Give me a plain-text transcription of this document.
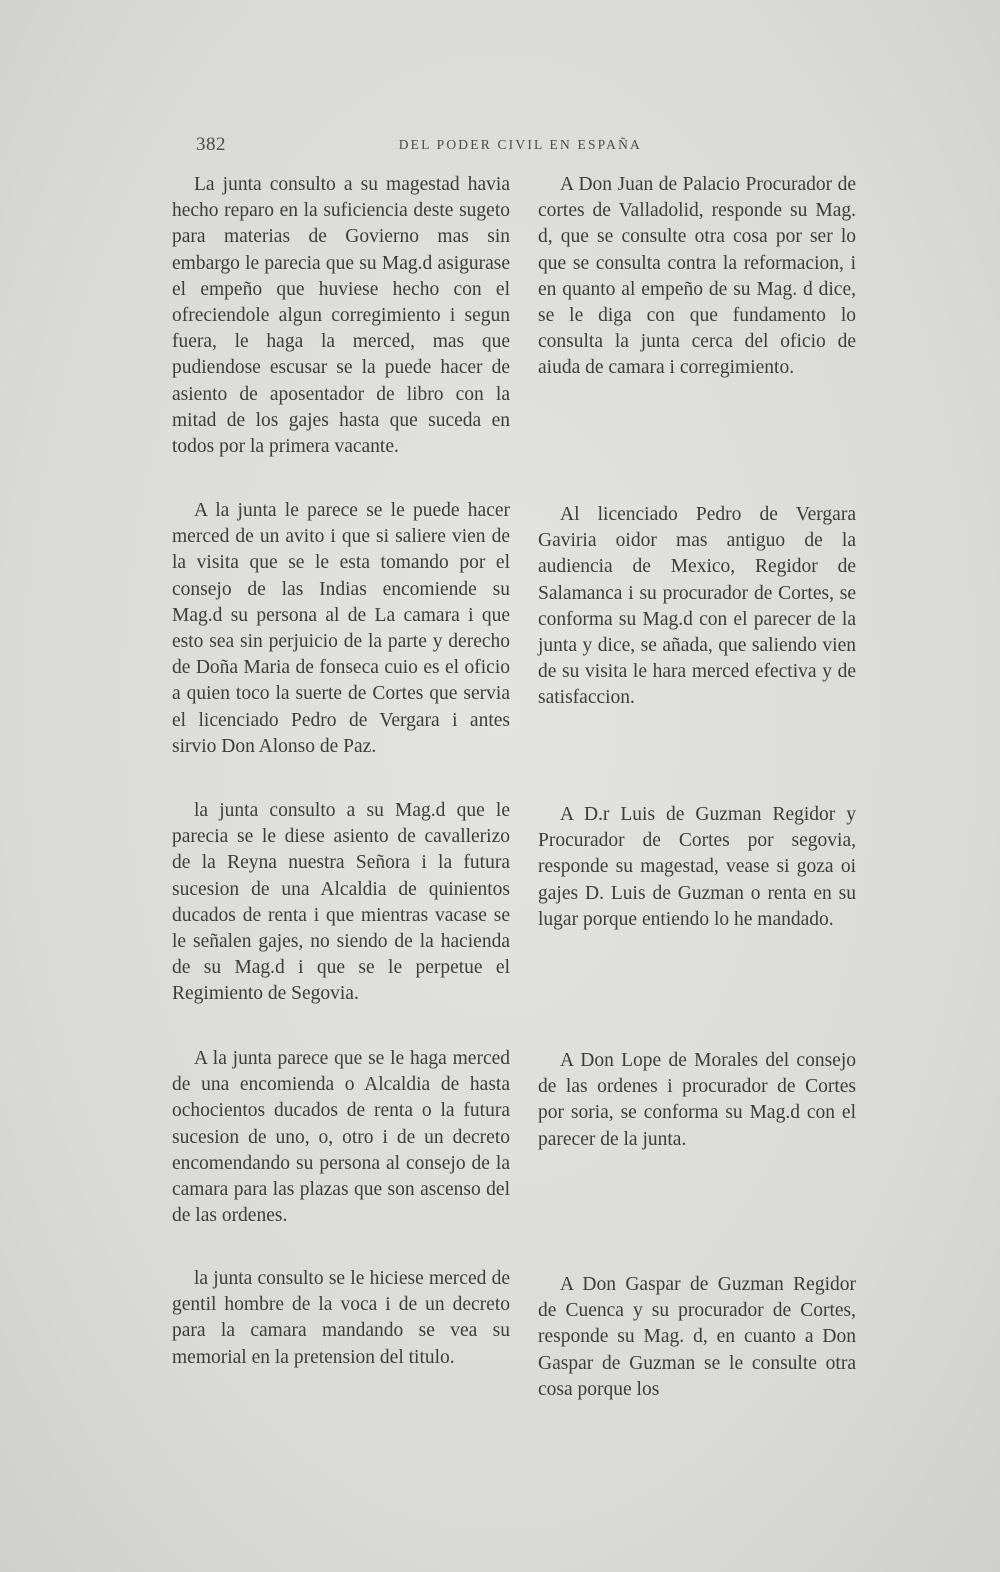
382	DEL PODER CIVIL EN ESPAÑA

La junta consulto a su magestad havia hecho reparo en la suficiencia deste sugeto para materias de Govierno mas sin embargo le parecia que su Mag.d asigurase el empeño que huviese hecho con el ofreciendole algun corregimiento i segun fuera, le haga la merced, mas que pudiendose escusar se la puede hacer de asiento de aposentador de libro con la mitad de los gajes hasta que suceda en todos por la primera vacante.

A la junta le parece se le puede hacer merced de un avito i que si saliere vien de la visita que se le esta tomando por el consejo de las Indias encomiende su Mag.d su persona al de La camara i que esto sea sin perjuicio de la parte y derecho de Doña Maria de fonseca cuio es el oficio a quien toco la suerte de Cortes que servia el licenciado Pedro de Vergara i antes sirvio Don Alonso de Paz.

la junta consulto a su Mag.d que le parecia se le diese asiento de cavallerizo de la Reyna nuestra Señora i la futura sucesion de una Alcaldia de quinientos ducados de renta i que mientras vacase se le señalen gajes, no siendo de la hacienda de su Mag.d i que se le perpetue el Regimiento de Segovia.

A la junta parece que se le haga merced de una encomienda o Alcaldia de hasta ochocientos ducados de renta o la futura sucesion de uno, o, otro i de un decreto encomendando su persona al consejo de la camara para las plazas que son ascenso del de las ordenes.

la junta consulto se le hiciese merced de gentil hombre de la voca i de un decreto para la camara mandando se vea su memorial en la pretension del titulo.

A Don Juan de Palacio Procurador de cortes de Valladolid, responde su Mag. d, que se consulte otra cosa por ser lo que se consulta contra la reformacion, i en quanto al empeño de su Mag. d dice, se le diga con que fundamento lo consulta la junta cerca del oficio de aiuda de camara i corregimiento.

Al licenciado Pedro de Vergara Gaviria oidor mas antiguo de la audiencia de Mexico, Regidor de Salamanca i su procurador de Cortes, se conforma su Mag.d con el parecer de la junta y dice, se añada, que saliendo vien de su visita le hara merced efectiva y de satisfaccion.

A D.r Luis de Guzman Regidor y Procurador de Cortes por segovia, responde su magestad, vease si goza oi gajes D. Luis de Guzman o renta en su lugar porque entiendo lo he mandado.

A Don Lope de Morales del consejo de las ordenes i procurador de Cortes por soria, se conforma su Mag.d con el parecer de la junta.

A Don Gaspar de Guzman Regidor de Cuenca y su procurador de Cortes, responde su Mag. d, en cuanto a Don Gaspar de Guzman se le consulte otra cosa porque los
